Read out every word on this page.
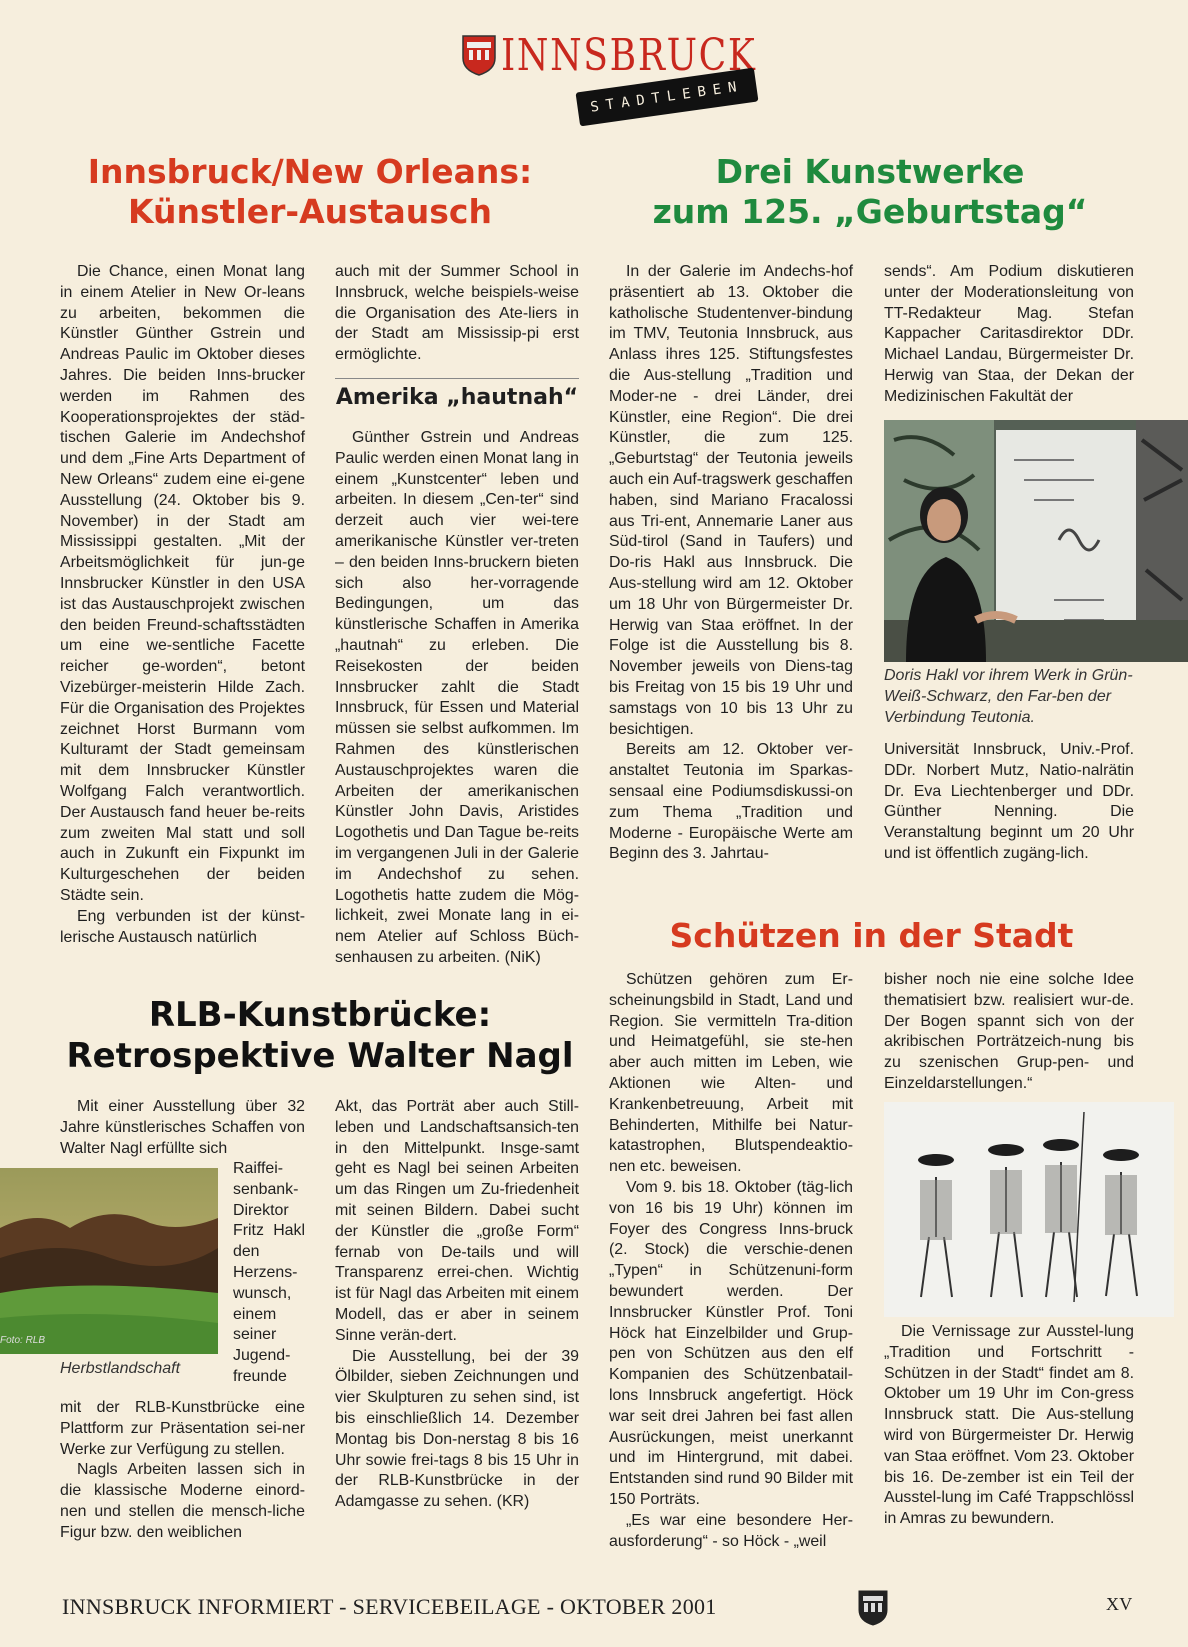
INNSBRUCK
STADTLEBEN
Innsbruck/New Orleans:
Künstler-Austausch

Die Chance, einen Monat lang in einem Atelier in New Or-leans zu arbeiten, bekommen die Künstler Günther Gstrein und Andreas Paulic im Oktober dieses Jahres. Die beiden Inns-brucker werden im Rahmen des Kooperationsprojektes der städ-tischen Galerie im Andechshof und dem „Fine Arts Department of New Orleans“ zudem eine ei-gene Ausstellung (24. Oktober bis 9. November) in der Stadt am Mississippi gestalten. „Mit der Arbeitsmöglichkeit für jun-ge Innsbrucker Künstler in den USA ist das Austauschprojekt zwischen den beiden Freund-schaftsstädten um eine we-sentliche Facette reicher ge-worden“, betont Vizebürger-meisterin Hilde Zach. Für die Organisation des Projektes zeichnet Horst Burmann vom Kulturamt der Stadt gemeinsam mit dem Innsbrucker Künstler Wolfgang Falch verantwortlich. Der Austausch fand heuer be-reits zum zweiten Mal statt und soll auch in Zukunft ein Fixpunkt im Kulturgeschehen der beiden Städte sein.

Eng verbunden ist der künst-lerische Austausch natürlich

auch mit der Summer School in Innsbruck, welche beispiels-weise die Organisation des Ate-liers in der Stadt am Mississip-pi erst ermöglichte.

Amerika „hautnah“

Günther Gstrein und Andreas Paulic werden einen Monat lang in einem „Kunstcenter“ leben und arbeiten. In diesem „Cen-ter“ sind derzeit auch vier wei-tere amerikanische Künstler ver-treten – den beiden Inns-bruckern bieten sich also her-vorragende Bedingungen, um das künstlerische Schaffen in Amerika „hautnah“ zu erleben. Die Reisekosten der beiden Innsbrucker zahlt die Stadt Innsbruck, für Essen und Material müssen sie selbst aufkommen. Im Rahmen des künstlerischen Austauschprojektes waren die Arbeiten der amerikanischen Künstler John Davis, Aristides Logothetis und Dan Tague be-reits im vergangenen Juli in der Galerie im Andechshof zu sehen. Logothetis hatte zudem die Mög-lichkeit, zwei Monate lang in ei-nem Atelier auf Schloss Büch-senhausen zu arbeiten. (NiK)

Drei Kunstwerke
zum 125. „Geburtstag“

In der Galerie im Andechs-hof präsentiert ab 13. Oktober die katholische Studentenver-bindung im TMV, Teutonia Innsbruck, aus Anlass ihres 125. Stiftungsfestes die Aus-stellung „Tradition und Moder-ne - drei Länder, drei Künstler, eine Region“. Die drei Künstler, die zum 125. „Geburtstag“ der Teutonia jeweils auch ein Auf-tragswerk geschaffen haben, sind Mariano Fracalossi aus Tri-ent, Annemarie Laner aus Süd-tirol (Sand in Taufers) und Do-ris Hakl aus Innsbruck. Die Aus-stellung wird am 12. Oktober um 18 Uhr von Bürgermeister Dr. Herwig van Staa eröffnet. In der Folge ist die Ausstellung bis 8. November jeweils von Diens-tag bis Freitag von 15 bis 19 Uhr und samstags von 10 bis 13 Uhr zu besichtigen.

Bereits am 12. Oktober ver-anstaltet Teutonia im Sparkas-sensaal eine Podiumsdiskussi-on zum Thema „Tradition und Moderne - Europäische Werte am Beginn des 3. Jahrtau-

sends“. Am Podium diskutieren unter der Moderationsleitung von TT-Redakteur Mag. Stefan Kappacher Caritasdirektor DDr. Michael Landau, Bürgermeister Dr. Herwig van Staa, der Dekan der Medizinischen Fakultät der

Doris Hakl vor ihrem Werk in Grün-Weiß-Schwarz, den Far-ben der Verbindung Teutonia.

Universität Innsbruck, Univ.-Prof. DDr. Norbert Mutz, Natio-nalrätin Dr. Eva Liechtenberger und DDr. Günther Nenning. Die Veranstaltung beginnt um 20 Uhr und ist öffentlich zugäng-lich.

RLB-Kunstbrücke:
Retrospektive Walter Nagl

Mit einer Ausstellung über 32 Jahre künstlerisches Schaffen von Walter Nagl erfüllte sich

Foto: RLB

Raiffei-senbank-Direktor Fritz Hakl den Herzens-wunsch, einem seiner Jugend-freunde

Herbstlandschaft

mit der RLB-Kunstbrücke eine Plattform zur Präsentation sei-ner Werke zur Verfügung zu stellen.

Nagls Arbeiten lassen sich in die klassische Moderne einord-nen und stellen die mensch-liche Figur bzw. den weiblichen

Akt, das Porträt aber auch Still-leben und Landschaftsansich-ten in den Mittelpunkt. Insge-samt geht es Nagl bei seinen Arbeiten um das Ringen um Zu-friedenheit mit seinen Bildern. Dabei sucht der Künstler die „große Form“ fernab von De-tails und will Transparenz errei-chen. Wichtig ist für Nagl das Arbeiten mit einem Modell, das er aber in seinem Sinne verän-dert.

Die Ausstellung, bei der 39 Ölbilder, sieben Zeichnungen und vier Skulpturen zu sehen sind, ist bis einschließlich 14. Dezember Montag bis Don-nerstag 8 bis 16 Uhr sowie frei-tags 8 bis 15 Uhr in der RLB-Kunstbrücke in der Adamgasse zu sehen. (KR)

Schützen in der Stadt

Schützen gehören zum Er-scheinungsbild in Stadt, Land und Region. Sie vermitteln Tra-dition und Heimatgefühl, sie ste-hen aber auch mitten im Leben, wie Aktionen wie Alten- und Krankenbetreuung, Arbeit mit Behinderten, Mithilfe bei Natur-katastrophen, Blutspendeaktio-nen etc. beweisen.

Vom 9. bis 18. Oktober (täg-lich von 16 bis 19 Uhr) können im Foyer des Congress Inns-bruck (2. Stock) die verschie-denen „Typen“ in Schützenuni-form bewundert werden. Der Innsbrucker Künstler Prof. Toni Höck hat Einzelbilder und Grup-pen von Schützen aus den elf Kompanien des Schützenbatail-lons Innsbruck angefertigt. Höck war seit drei Jahren bei fast allen Ausrückungen, meist unerkannt und im Hintergrund, mit dabei. Entstanden sind rund 90 Bilder mit 150 Porträts.

„Es war eine besondere Her-ausforderung“ - so Höck - „weil

bisher noch nie eine solche Idee thematisiert bzw. realisiert wur-de. Der Bogen spannt sich von der akribischen Porträtzeich-nung bis zu szenischen Grup-pen- und Einzeldarstellungen.“

Die Vernissage zur Ausstel-lung „Tradition und Fortschritt - Schützen in der Stadt“ findet am 8. Oktober um 19 Uhr im Con-gress Innsbruck statt. Die Aus-stellung wird von Bürgermeister Dr. Herwig van Staa eröffnet. Vom 23. Oktober bis 16. De-zember ist ein Teil der Ausstel-lung im Café Trappschlössl in Amras zu bewundern.

INNSBRUCK INFORMIERT - SERVICEBEILAGE - OKTOBER 2001	XV
